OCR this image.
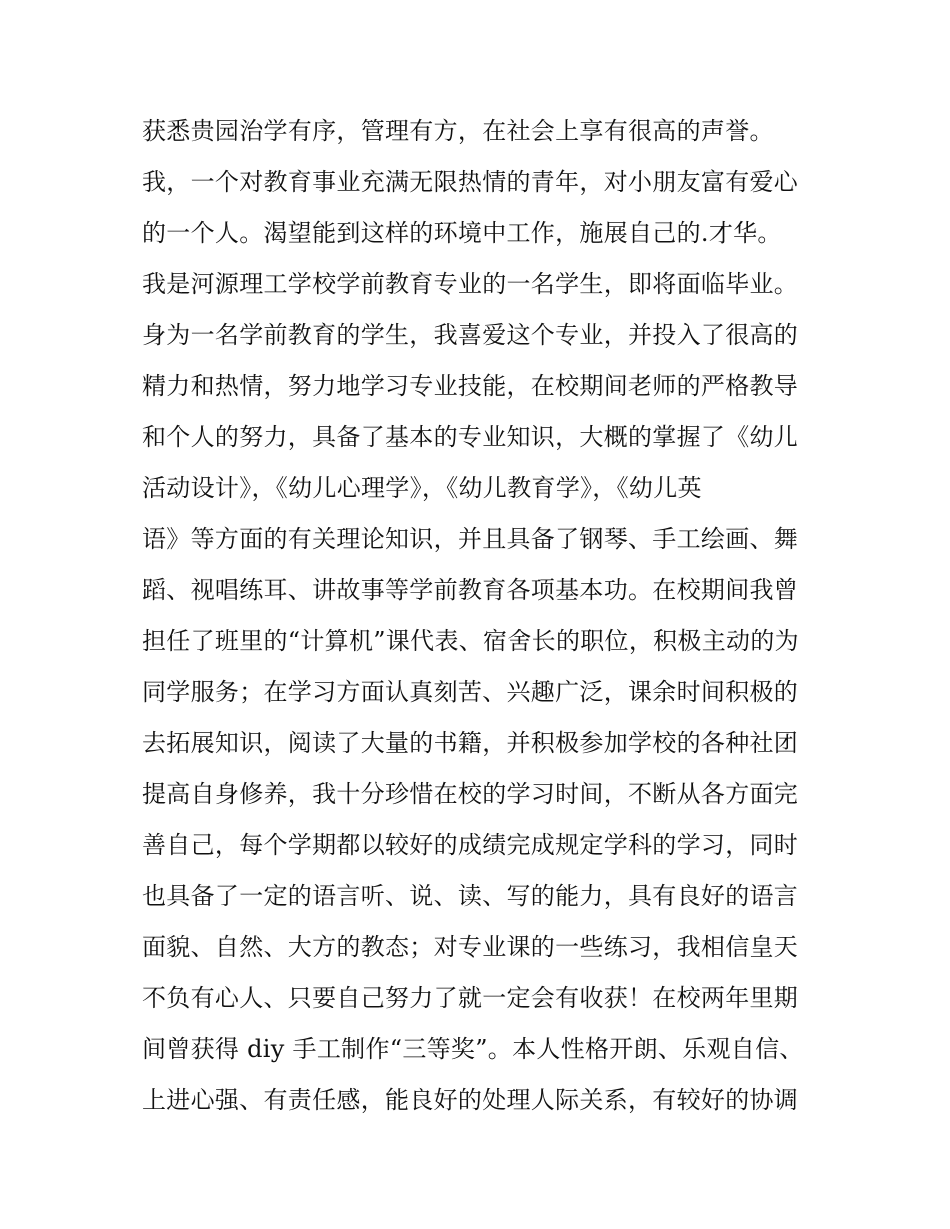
获悉贵园治学有序，管理有方，在社会上享有很高的声誉。
我，一个对教育事业充满无限热情的青年，对小朋友富有爱心
的一个人。渴望能到这样的环境中工作，施展自己的.才华。
我是河源理工学校学前教育专业的一名学生，即将面临毕业。
身为一名学前教育的学生，我喜爱这个专业，并投入了很高的
精力和热情，努力地学习专业技能，在校期间老师的严格教导
和个人的努力，具备了基本的专业知识，大概的掌握了《幼儿
活动设计》，《幼儿心理学》，《幼儿教育学》，《幼儿英
语》等方面的有关理论知识，并且具备了钢琴、手工绘画、舞
蹈、视唱练耳、讲故事等学前教育各项基本功。在校期间我曾
担任了班里的“计算机”课代表、宿舍长的职位，积极主动的为
同学服务；在学习方面认真刻苦、兴趣广泛，课余时间积极的
去拓展知识，阅读了大量的书籍，并积极参加学校的各种社团
提高自身修养，我十分珍惜在校的学习时间，不断从各方面完
善自己，每个学期都以较好的成绩完成规定学科的学习，同时
也具备了一定的语言听、说、读、写的能力，具有良好的语言
面貌、自然、大方的教态；对专业课的一些练习，我相信皇天
不负有心人、只要自己努力了就一定会有收获！在校两年里期
间曾获得 diy 手工制作“三等奖”。本人性格开朗、乐观自信、
上进心强、有责任感，能良好的处理人际关系，有较好的协调
